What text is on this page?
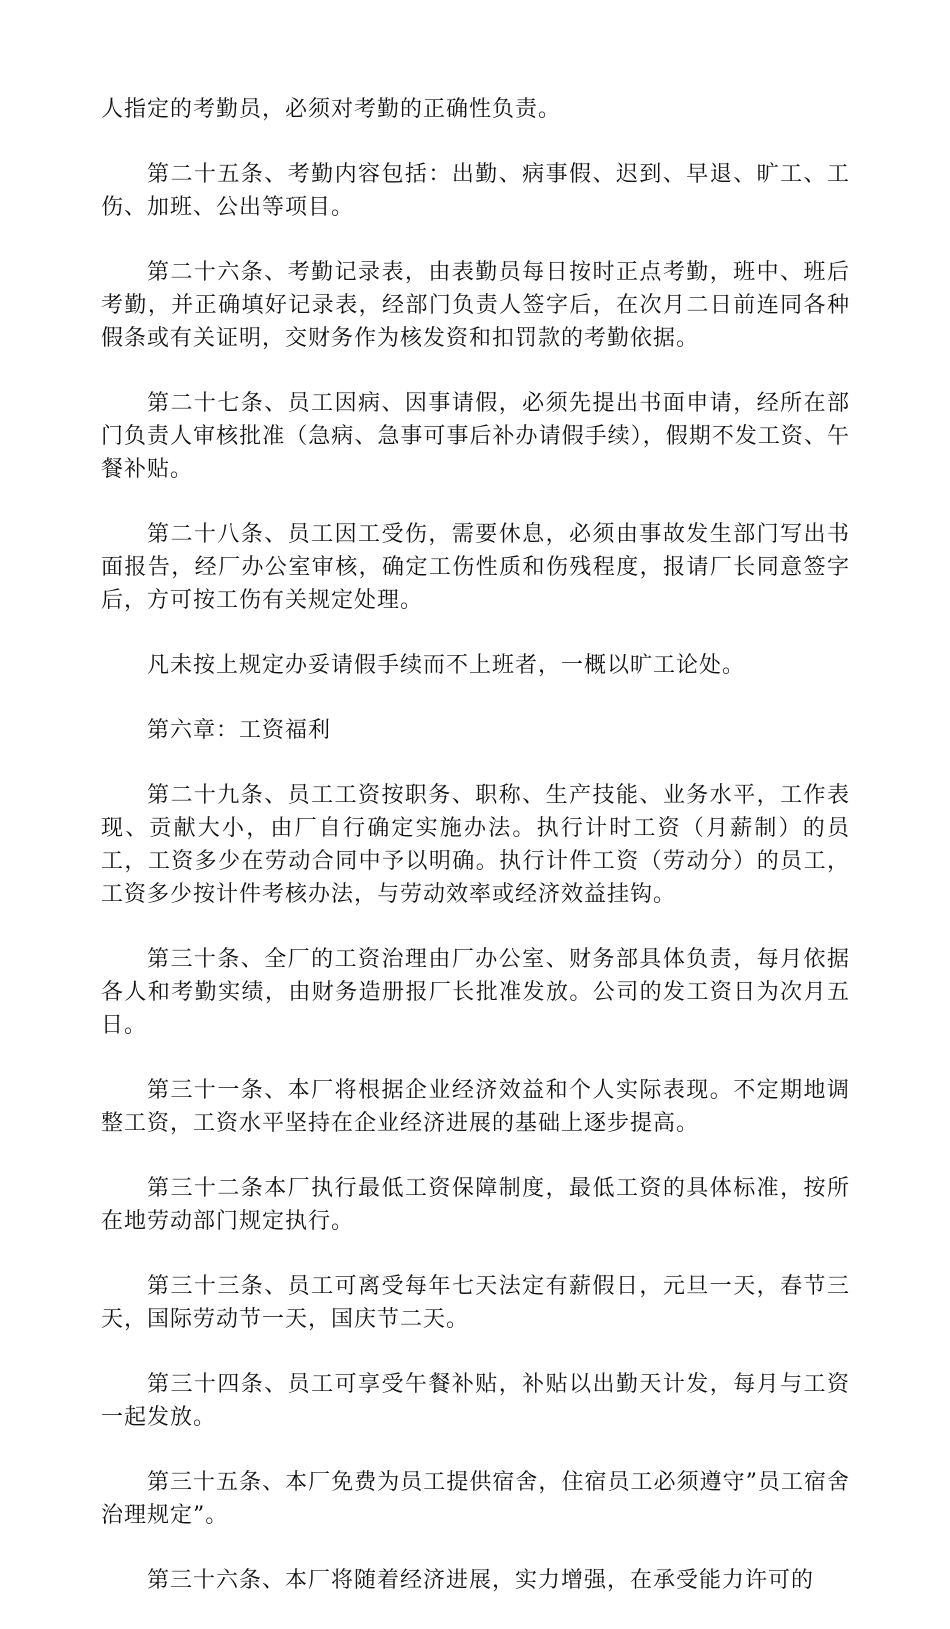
人指定的考勤员，必须对考勤的正确性负责。

第二十五条、考勤内容包括：出勤、病事假、迟到、早退、旷工、工伤、加班、公出等项目。

第二十六条、考勤记录表，由表勤员每日按时正点考勤，班中、班后考勤，并正确填好记录表，经部门负责人签字后，在次月二日前连同各种假条或有关证明，交财务作为核发资和扣罚款的考勤依据。

第二十七条、员工因病、因事请假，必须先提出书面申请，经所在部门负责人审核批准（急病、急事可事后补办请假手续），假期不发工资、午餐补贴。

第二十八条、员工因工受伤，需要休息，必须由事故发生部门写出书面报告，经厂办公室审核，确定工伤性质和伤残程度，报请厂长同意签字后，方可按工伤有关规定处理。

凡未按上规定办妥请假手续而不上班者，一概以旷工论处。

第六章：工资福利

第二十九条、员工工资按职务、职称、生产技能、业务水平，工作表现、贡献大小，由厂自行确定实施办法。执行计时工资（月薪制）的员工，工资多少在劳动合同中予以明确。执行计件工资（劳动分）的员工，工资多少按计件考核办法，与劳动效率或经济效益挂钩。

第三十条、全厂的工资治理由厂办公室、财务部具体负责，每月依据各人和考勤实绩，由财务造册报厂长批准发放。公司的发工资日为次月五日。

第三十一条、本厂将根据企业经济效益和个人实际表现。不定期地调整工资，工资水平坚持在企业经济进展的基础上逐步提高。

第三十二条本厂执行最低工资保障制度，最低工资的具体标准，按所在地劳动部门规定执行。

第三十三条、员工可离受每年七天法定有薪假日，元旦一天，春节三天，国际劳动节一天，国庆节二天。

第三十四条、员工可享受午餐补贴，补贴以出勤天计发，每月与工资一起发放。

第三十五条、本厂免费为员工提供宿舍，住宿员工必须遵守”员工宿舍治理规定”。

第三十六条、本厂将随着经济进展，实力增强，在承受能力许可的
